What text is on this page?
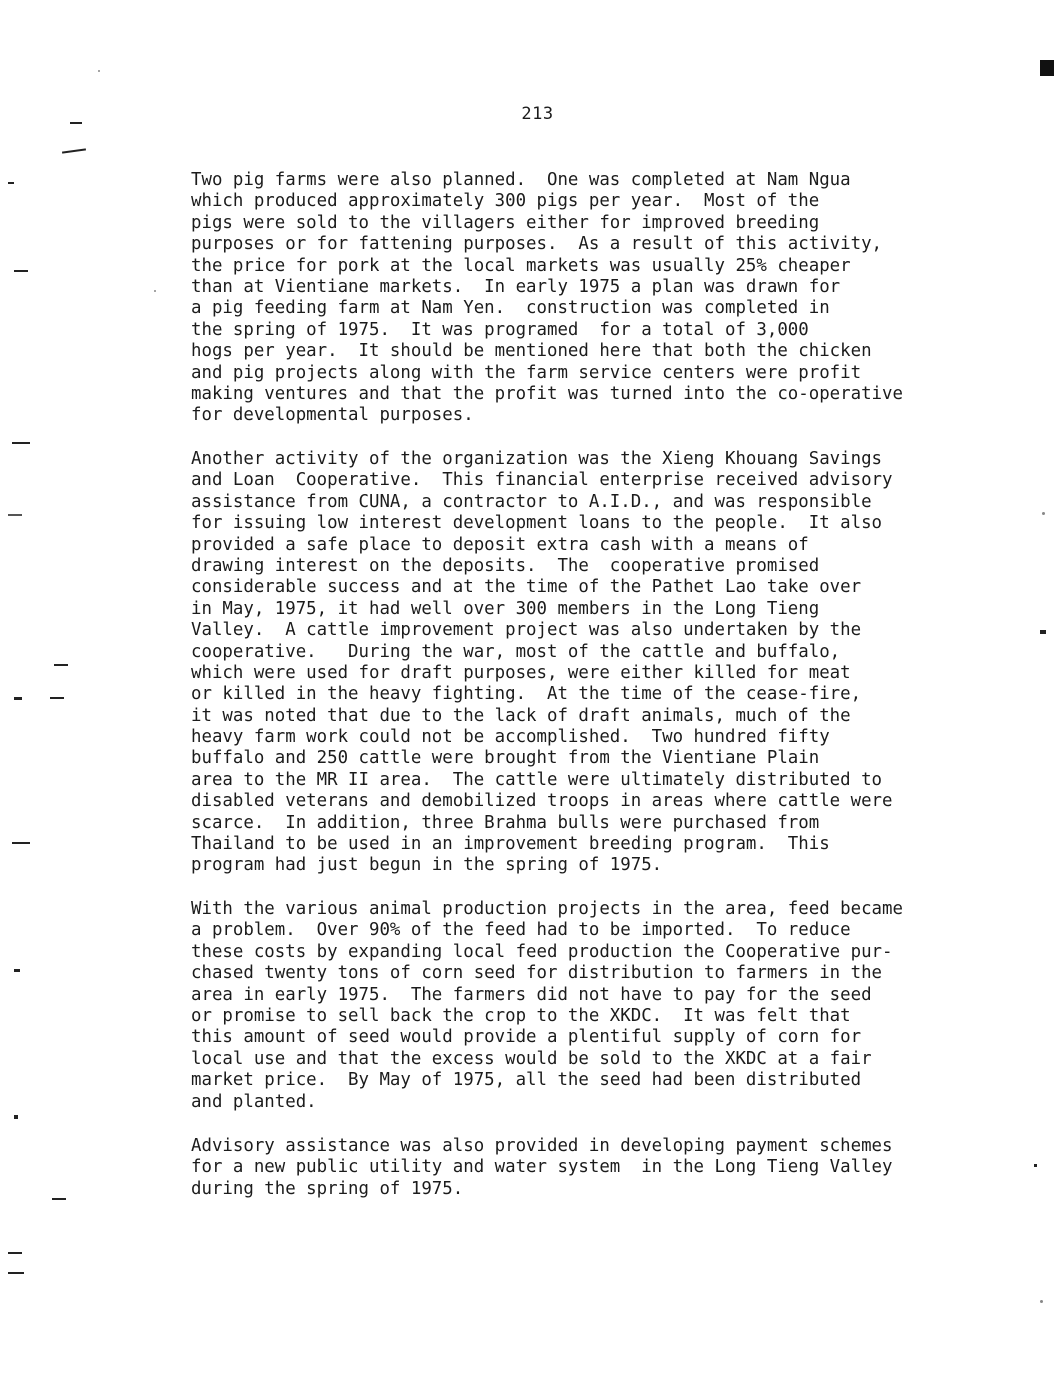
213
Two pig farms were also planned.  One was completed at Nam Ngua
which produced approximately 300 pigs per year.  Most of the
pigs were sold to the villagers either for improved breeding
purposes or for fattening purposes.  As a result of this activity,
the price for pork at the local markets was usually 25% cheaper
than at Vientiane markets.  In early 1975 a plan was drawn for
a pig feeding farm at Nam Yen.  construction was completed in
the spring of 1975.  It was programed  for a total of 3,000
hogs per year.  It should be mentioned here that both the chicken
and pig projects along with the farm service centers were profit
making ventures and that the profit was turned into the co-operative
for developmental purposes.
Another activity of the organization was the Xieng Khouang Savings
and Loan  Cooperative.  This financial enterprise received advisory
assistance from CUNA, a contractor to A.I.D., and was responsible
for issuing low interest development loans to the people.  It also
provided a safe place to deposit extra cash with a means of
drawing interest on the deposits.  The  cooperative promised
considerable success and at the time of the Pathet Lao take over
in May, 1975, it had well over 300 members in the Long Tieng
Valley.  A cattle improvement project was also undertaken by the
cooperative.   During the war, most of the cattle and buffalo,
which were used for draft purposes, were either killed for meat
or killed in the heavy fighting.  At the time of the cease-fire,
it was noted that due to the lack of draft animals, much of the
heavy farm work could not be accomplished.  Two hundred fifty
buffalo and 250 cattle were brought from the Vientiane Plain
area to the MR II area.  The cattle were ultimately distributed to
disabled veterans and demobilized troops in areas where cattle were
scarce.  In addition, three Brahma bulls were purchased from
Thailand to be used in an improvement breeding program.  This
program had just begun in the spring of 1975.
With the various animal production projects in the area, feed became
a problem.  Over 90% of the feed had to be imported.  To reduce
these costs by expanding local feed production the Cooperative pur-
chased twenty tons of corn seed for distribution to farmers in the
area in early 1975.  The farmers did not have to pay for the seed
or promise to sell back the crop to the XKDC.  It was felt that
this amount of seed would provide a plentiful supply of corn for
local use and that the excess would be sold to the XKDC at a fair
market price.  By May of 1975, all the seed had been distributed
and planted.
Advisory assistance was also provided in developing payment schemes
for a new public utility and water system  in the Long Tieng Valley
during the spring of 1975.
